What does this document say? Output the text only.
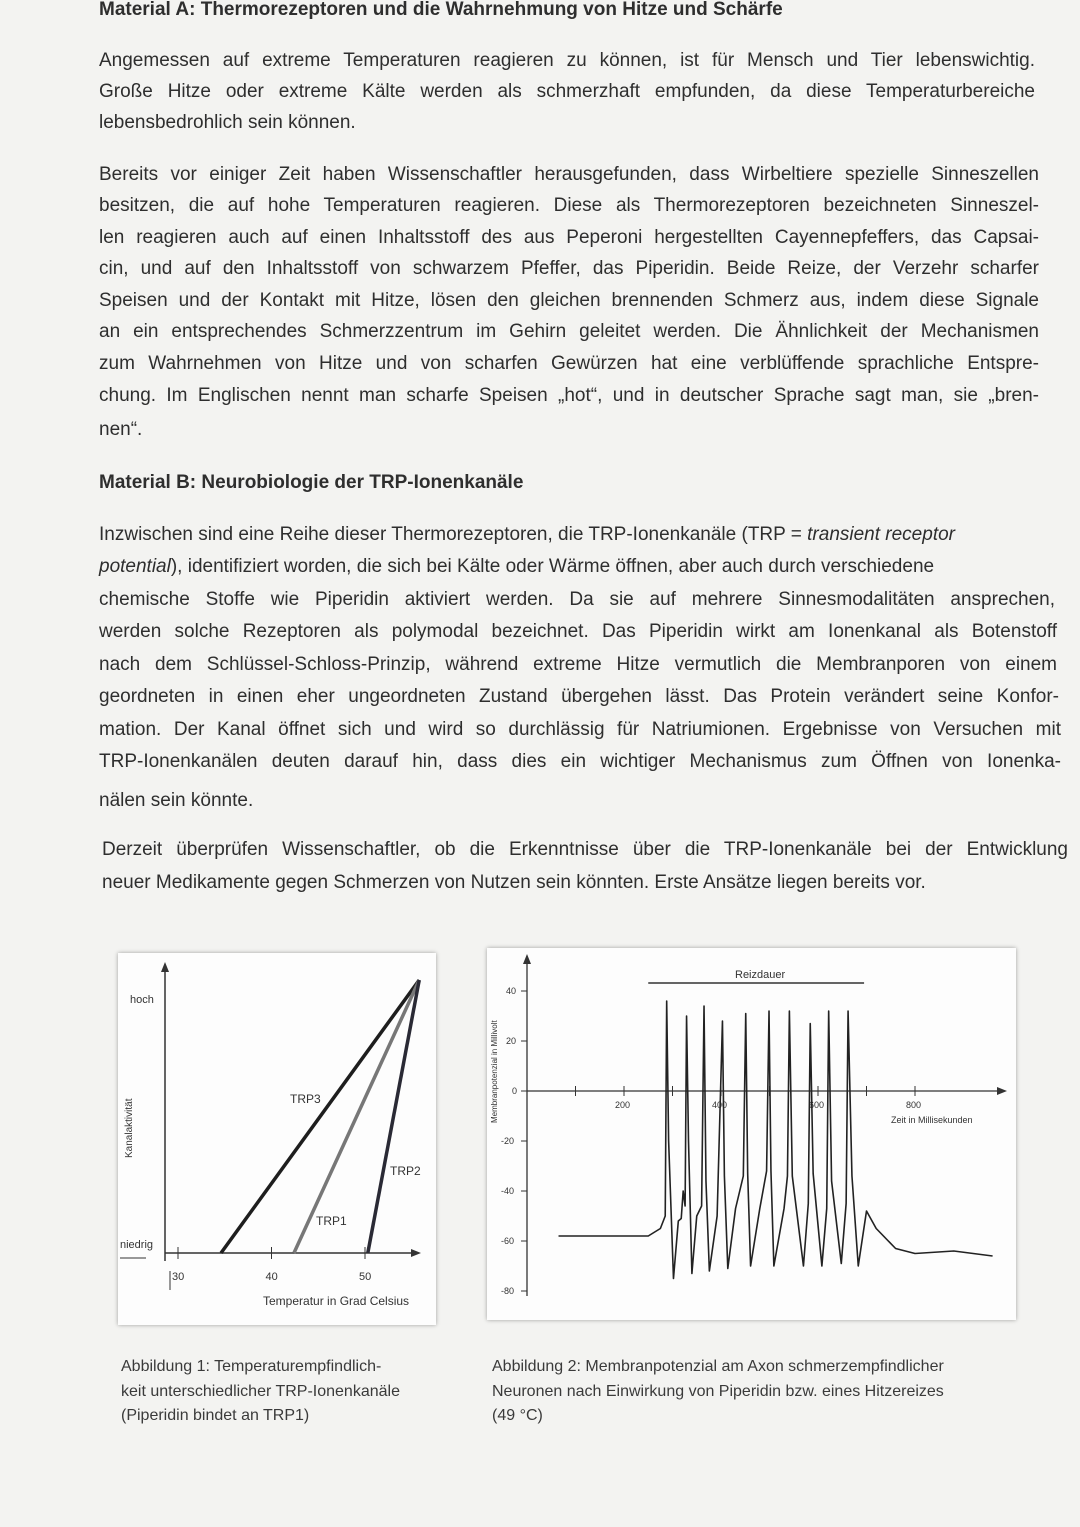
Material A: Thermorezeptoren und die Wahrnehmung von Hitze und Schärfe
Angemessen auf extreme Temperaturen reagieren zu können, ist für Mensch und Tier lebenswichtig.
Große Hitze oder extreme Kälte werden als schmerzhaft empfunden, da diese Temperaturbereiche
lebensbedrohlich sein können.
Bereits vor einiger Zeit haben Wissenschaftler herausgefunden, dass Wirbeltiere spezielle Sinneszellen
besitzen, die auf hohe Temperaturen reagieren. Diese als Thermorezeptoren bezeichneten Sinneszel-
len reagieren auch auf einen Inhaltsstoff des aus Peperoni hergestellten Cayennepfeffers, das Capsai-
cin, und auf den Inhaltsstoff von schwarzem Pfeffer, das Piperidin. Beide Reize, der Verzehr scharfer
Speisen und der Kontakt mit Hitze, lösen den gleichen brennenden Schmerz aus, indem diese Signale
an ein entsprechendes Schmerzzentrum im Gehirn geleitet werden. Die Ähnlichkeit der Mechanismen
zum Wahrnehmen von Hitze und von scharfen Gewürzen hat eine verblüffende sprachliche Entspre-
chung. Im Englischen nennt man scharfe Speisen „hot“, und in deutscher Sprache sagt man, sie „bren-
nen“.
Material B: Neurobiologie der TRP-Ionenkanäle
Inzwischen sind eine Reihe dieser Thermorezeptoren, die TRP-Ionenkanäle (TRP = transient receptor
potential), identifiziert worden, die sich bei Kälte oder Wärme öffnen, aber auch durch verschiedene
chemische Stoffe wie Piperidin aktiviert werden. Da sie auf mehrere Sinnesmodalitäten ansprechen,
werden solche Rezeptoren als polymodal bezeichnet. Das Piperidin wirkt am Ionenkanal als Botenstoff
nach dem Schlüssel-Schloss-Prinzip, während extreme Hitze vermutlich die Membranporen von einem
geordneten in einen eher ungeordneten Zustand übergehen lässt. Das Protein verändert seine Konfor-
mation. Der Kanal öffnet sich und wird so durchlässig für Natriumionen. Ergebnisse von Versuchen mit
TRP-Ionenkanälen deuten darauf hin, dass dies ein wichtiger Mechanismus zum Öffnen von Ionenka-
nälen sein könnte.
Derzeit überprüfen Wissenschaftler, ob die Erkenntnisse über die TRP-Ionenkanäle bei der Entwicklung
neuer Medikamente gegen Schmerzen von Nutzen sein könnten. Erste Ansätze liegen bereits vor.
30	40	50
hoch
niedrig
Kanalaktivität
Temperatur in Grad Celsius
TRP3
TRP1
TRP2
200	400	600	800
40
20
0
-20
-40
-60
-80
Membranpotenzial in Millivolt	Zeit in Millisekunden
Reizdauer
Abbildung 1: Temperaturempfindlich-
keit unterschiedlicher TRP-Ionenkanäle
(Piperidin bindet an TRP1)
Abbildung 2: Membranpotenzial am Axon schmerzempfindlicher
Neuronen nach Einwirkung von Piperidin bzw. eines Hitzereizes
(49 °C)
